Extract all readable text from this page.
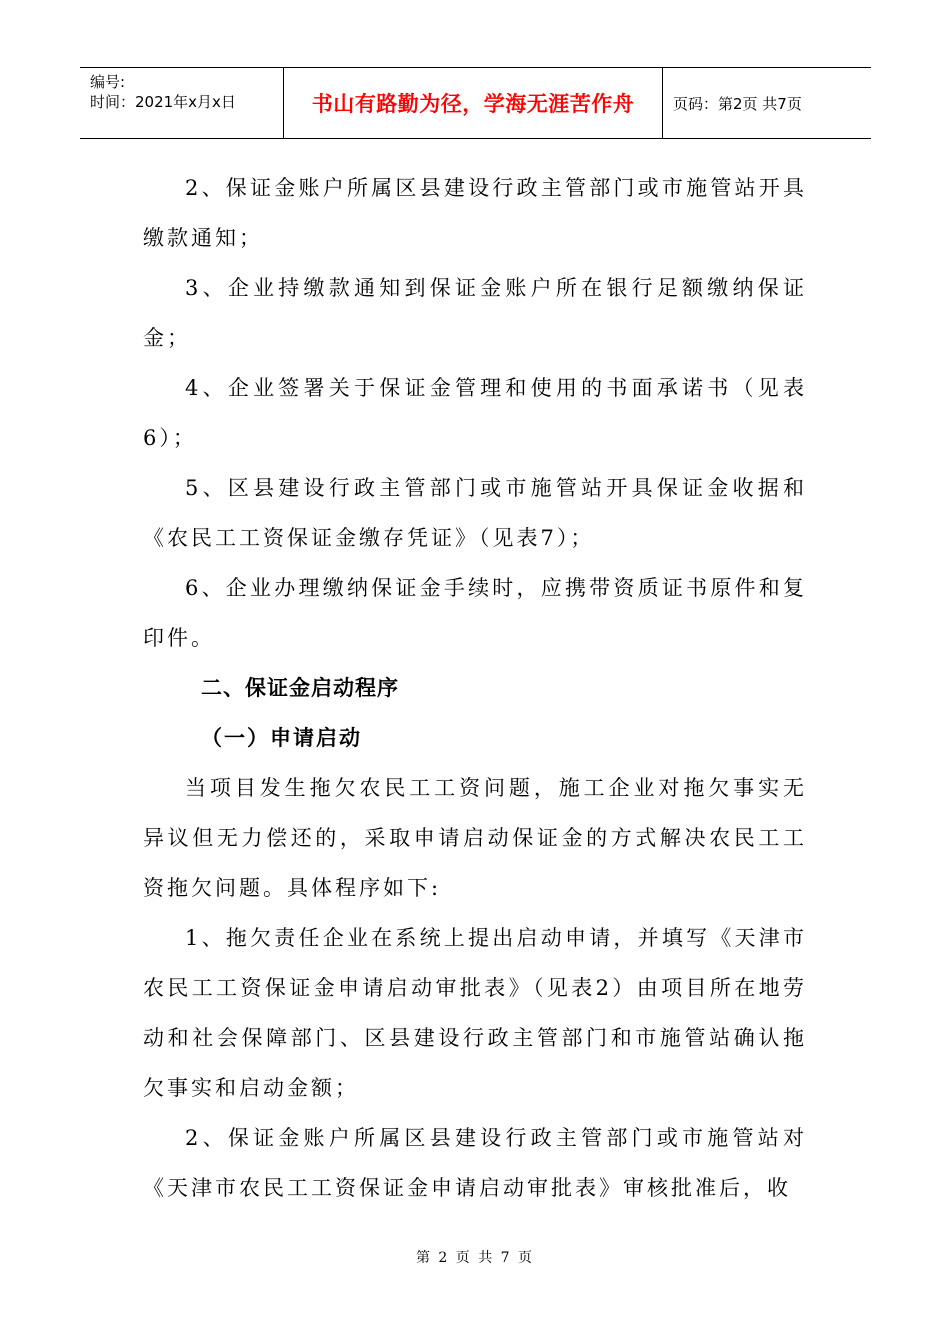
编号:
时间：2021年x月x日	书山有路勤为径，学海无涯苦作舟	页码：第2页 共7页

2、保证金账户所属区县建设行政主管部门或市施管站开具缴款通知；

3、企业持缴款通知到保证金账户所在银行足额缴纳保证金；

4、企业签署关于保证金管理和使用的书面承诺书（见表6）；

5、区县建设行政主管部门或市施管站开具保证金收据和《农民工工资保证金缴存凭证》（见表7）；

6、企业办理缴纳保证金手续时，应携带资质证书原件和复印件。

二、保证金启动程序

（一）申请启动

当项目发生拖欠农民工工资问题，施工企业对拖欠事实无异议但无力偿还的，采取申请启动保证金的方式解决农民工工资拖欠问题。具体程序如下:

1、拖欠责任企业在系统上提出启动申请，并填写《天津市农民工工资保证金申请启动审批表》（见表2）由项目所在地劳动和社会保障部门、区县建设行政主管部门和市施管站确认拖欠事实和启动金额；

2、保证金账户所属区县建设行政主管部门或市施管站对《天津市农民工工资保证金申请启动审批表》审核批准后，收

第 2 页 共 7 页
